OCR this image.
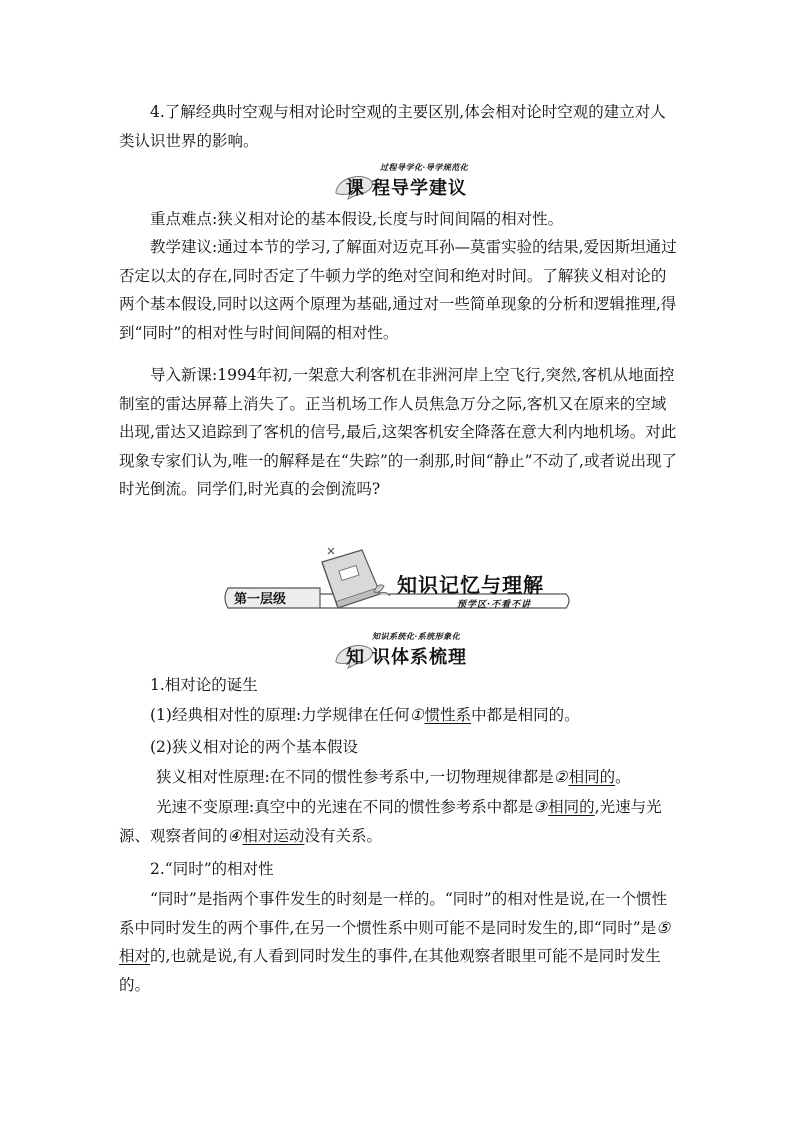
4.了解经典时空观与相对论时空观的主要区别,体会相对论时空观的建立对人类认识世界的影响。

过程导学化·导学规范化
课 程导学建议

重点难点:狭义相对论的基本假设,长度与时间间隔的相对性。

教学建议:通过本节的学习,了解面对迈克耳孙—莫雷实验的结果,爱因斯坦通过否定以太的存在,同时否定了牛顿力学的绝对空间和绝对时间。了解狭义相对论的两个基本假设,同时以这两个原理为基础,通过对一些简单现象的分析和逻辑推理,得到“同时”的相对性与时间间隔的相对性。

导入新课:1994年初,一架意大利客机在非洲河岸上空飞行,突然,客机从地面控制室的雷达屏幕上消失了。正当机场工作人员焦急万分之际,客机又在原来的空域出现,雷达又追踪到了客机的信号,最后,这架客机安全降落在意大利内地机场。对此现象专家们认为,唯一的解释是在“失踪”的一刹那,时间“静止”不动了,或者说出现了时光倒流。同学们,时光真的会倒流吗?

第一层级
知识记忆与理解
预学区·不看不讲
知识系统化·系统形象化
知 识体系梳理

1.相对论的诞生

(1)经典相对性的原理:力学规律在任何①惯性系中都是相同的。

(2)狭义相对论的两个基本假设

狭义相对性原理:在不同的惯性参考系中,一切物理规律都是②相同的。

光速不变原理:真空中的光速在不同的惯性参考系中都是③相同的,光速与光源、观察者间的④相对运动没有关系。

2.“同时”的相对性

“同时”是指两个事件发生的时刻是一样的。“同时”的相对性是说,在一个惯性系中同时发生的两个事件,在另一个惯性系中则可能不是同时发生的,即“同时”是⑤相对的,也就是说,有人看到同时发生的事件,在其他观察者眼里可能不是同时发生的。
